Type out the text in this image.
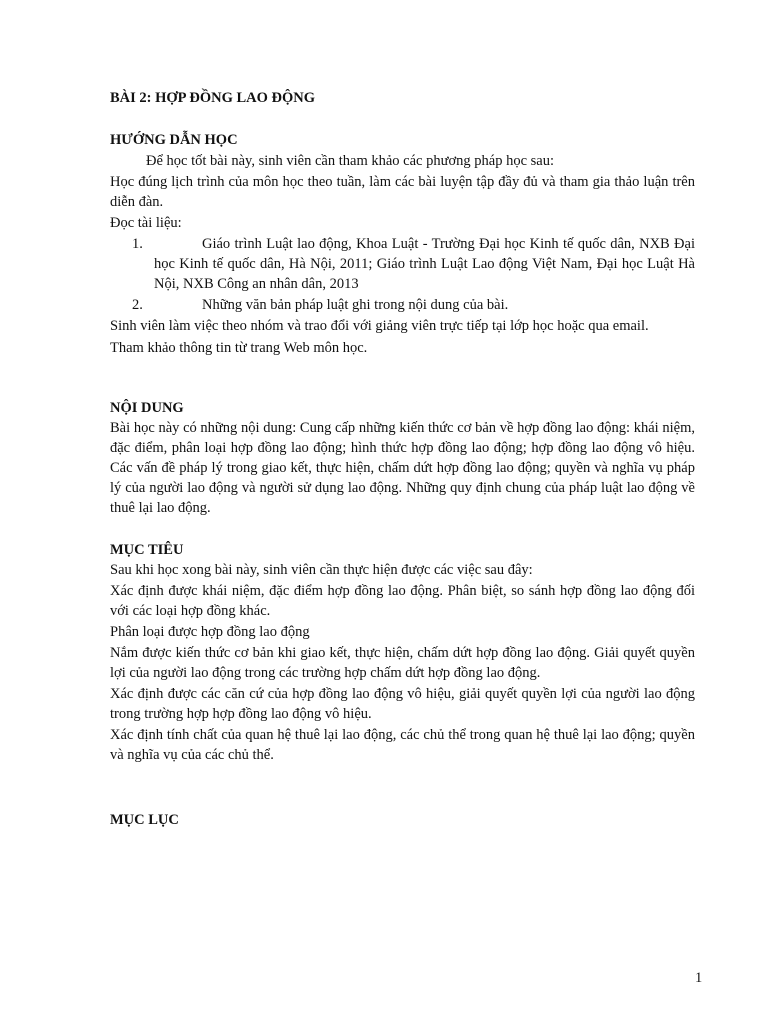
BÀI 2: HỢP ĐỒNG LAO ĐỘNG
HƯỚNG DẪN HỌC

Để học tốt bài này, sinh viên cần tham khảo các phương pháp học sau:

Học đúng lịch trình của môn học theo tuần, làm các bài luyện tập đầy đủ và tham gia thảo luận trên diễn đàn.

Đọc tài liệu:

1.	Giáo trình Luật lao động, Khoa Luật - Trường Đại học Kinh tế quốc dân, NXB Đại học Kinh tế quốc dân, Hà Nội, 2011; Giáo trình Luật Lao động Việt Nam, Đại học Luật Hà Nội, NXB Công an nhân dân, 2013
2.	Những văn bản pháp luật ghi trong nội dung của bài.

Sinh viên làm việc theo nhóm và trao đổi với giảng viên trực tiếp tại lớp học hoặc qua email.

Tham khảo thông tin từ trang Web môn học.

NỘI DUNG

Bài học này có những nội dung: Cung cấp những kiến thức cơ bản về hợp đồng lao động: khái niệm, đặc điểm, phân loại hợp đồng lao động; hình thức hợp đồng lao động; hợp đồng lao động vô hiệu. Các vấn đề pháp lý trong giao kết, thực hiện, chấm dứt hợp đồng lao động; quyền và nghĩa vụ pháp lý của người lao động và người sử dụng lao động. Những quy định chung của pháp luật lao động về thuê lại lao động.

MỤC TIÊU

Sau khi học xong bài này, sinh viên cần thực hiện được các việc sau đây:

Xác định được khái niệm, đặc điểm hợp đồng lao động. Phân biệt, so sánh hợp đồng lao động đối với các loại hợp đồng khác.

Phân loại được hợp đồng lao động

Nắm được kiến thức cơ bản khi giao kết, thực hiện, chấm dứt hợp đồng lao động. Giải quyết quyền lợi của người lao động trong các trường hợp chấm dứt hợp đồng lao động.

Xác định được các căn cứ của hợp đồng lao động vô hiệu, giải quyết quyền lợi của người lao động trong trường hợp hợp đồng lao động vô hiệu.

Xác định tính chất của quan hệ thuê lại lao động, các chủ thể trong quan hệ thuê lại lao động; quyền và nghĩa vụ của các chủ thể.

MỤC LỤC
1
